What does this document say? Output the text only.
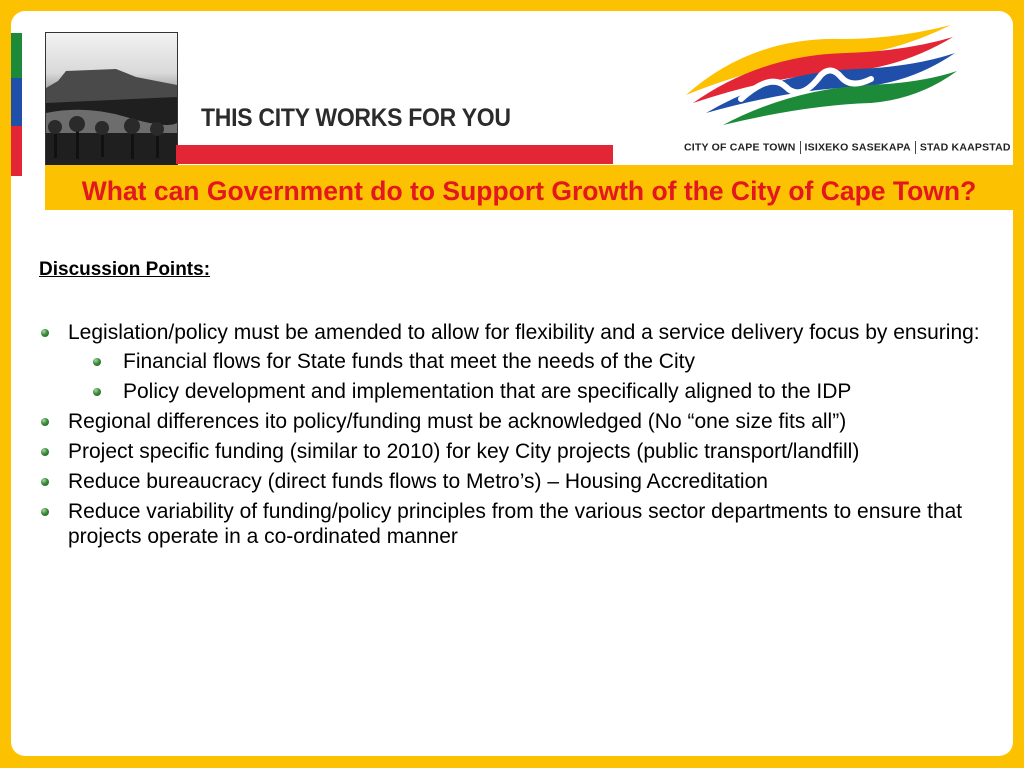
THIS CITY WORKS FOR YOU
CITY OF CAPE TOWN ISIXEKO SASEKAPA STAD KAAPSTAD
What can Government do to Support Growth of the City of Cape Town?
Discussion Points:
Legislation/policy must be amended to allow for flexibility and a service delivery focus by ensuring:
Financial flows for State funds that meet the needs of the City
Policy development and implementation that are specifically aligned to the IDP
Regional differences ito policy/funding must be acknowledged (No “one size fits all”)
Project specific funding (similar to 2010) for key City projects (public transport/landfill)
Reduce bureaucracy (direct funds flows to Metro’s) – Housing Accreditation
Reduce variability of funding/policy principles from the various sector departments to ensure that projects operate in a co-ordinated manner
